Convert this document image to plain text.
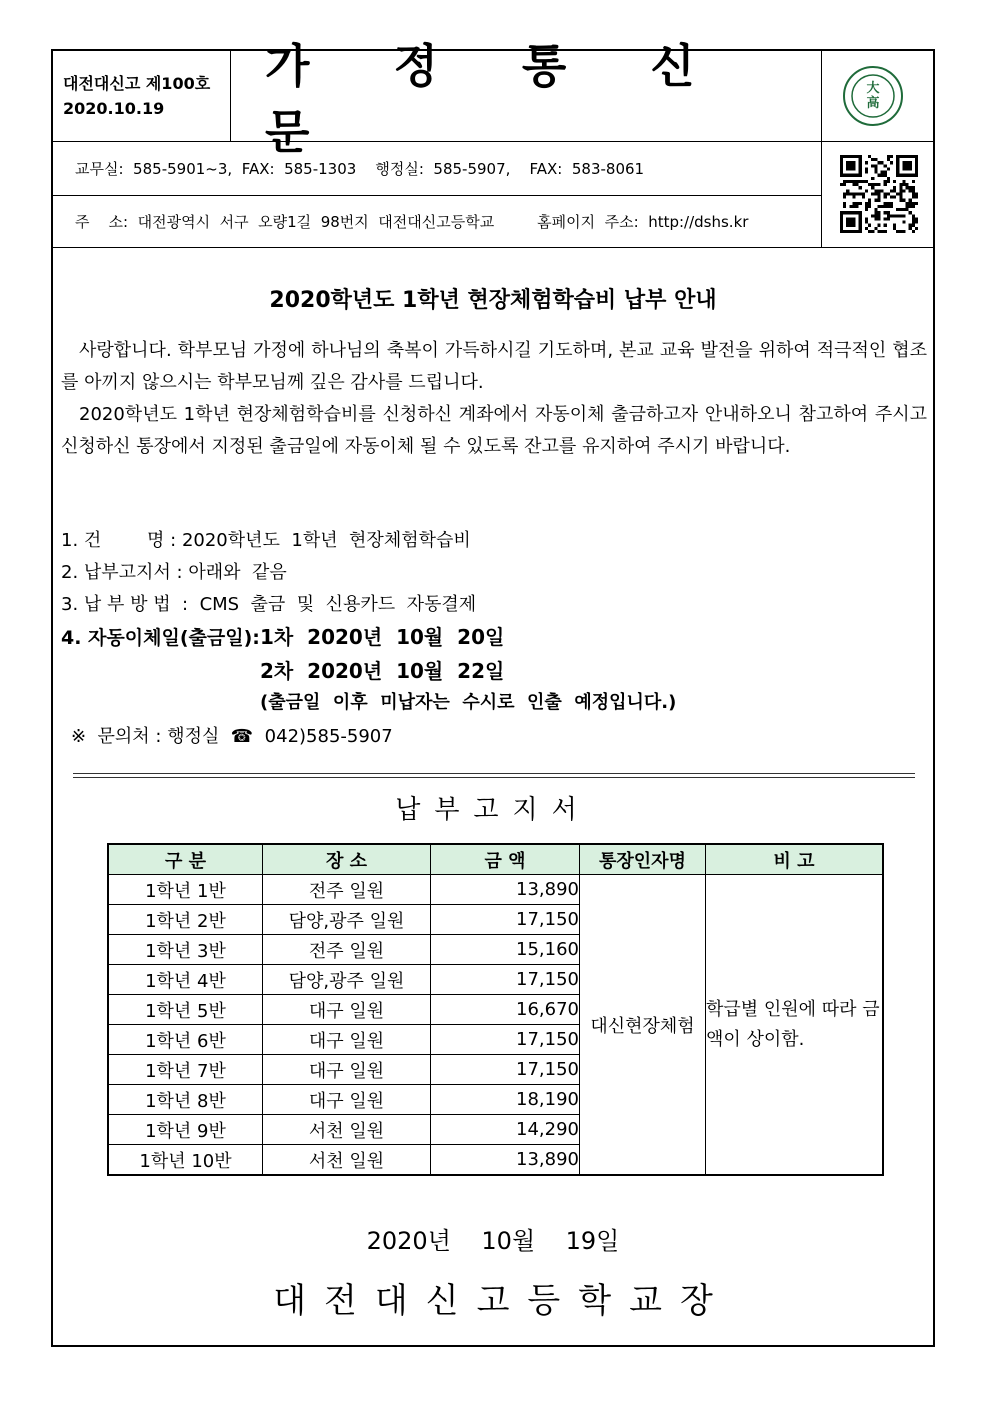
대전대신고 제100호
2020.10.19
가 정 통 신 문
大
高
교무실:  585-5901~3,  FAX:  585-1303    행정실:  585-5907,    FAX:  583-8061
주    소:  대전광역시  서구  오량1길  98번지  대전대신고등학교         홈페이지  주소:  http://dshs.kr
2020학년도 1학년 현장체험학습비 납부 안내
사랑합니다. 학부모님 가정에 하나님의 축복이 가득하시길 기도하며, 본교 교육 발전을 위하여 적극적인 협조를 아끼지 않으시는 학부모님께 깊은 감사를 드립니다.
2020학년도 1학년 현장체험학습비를 신청하신 계좌에서 자동이체 출금하고자 안내하오니 참고하여 주시고 신청하신 통장에서 지정된 출금일에 자동이체 될 수 있도록 잔고를 유지하여 주시기 바랍니다.
1. 건        명 : 2020학년도  1학년  현장체험학습비
2. 납부고지서 : 아래와  같음
3. 납 부 방 법  :  CMS  출금  및  신용카드  자동결제
4. 자동이체일(출금일): 1차  2020년  10월  20일
2차  2020년  10월  22일
(출금일  이후  미납자는  수시로  인출  예정입니다.)
※  문의처 : 행정실  ☎  042)585-5907
납부고지서
구 분	장 소	금 액	통장인자명	비 고
1학년 1반	전주 일원	13,890	대신현장체험	학급별 인원에 따라 금액이 상이함.
1학년 2반	담양,광주 일원	17,150		
1학년 3반	전주 일원	15,160		
1학년 4반	담양,광주 일원	17,150		
1학년 5반	대구 일원	16,670		
1학년 6반	대구 일원	17,150		
1학년 7반	대구 일원	17,150		
1학년 8반	대구 일원	18,190		
1학년 9반	서천 일원	14,290		
1학년 10반	서천 일원	13,890		
2020년    10월    19일
대전대신고등학교장
